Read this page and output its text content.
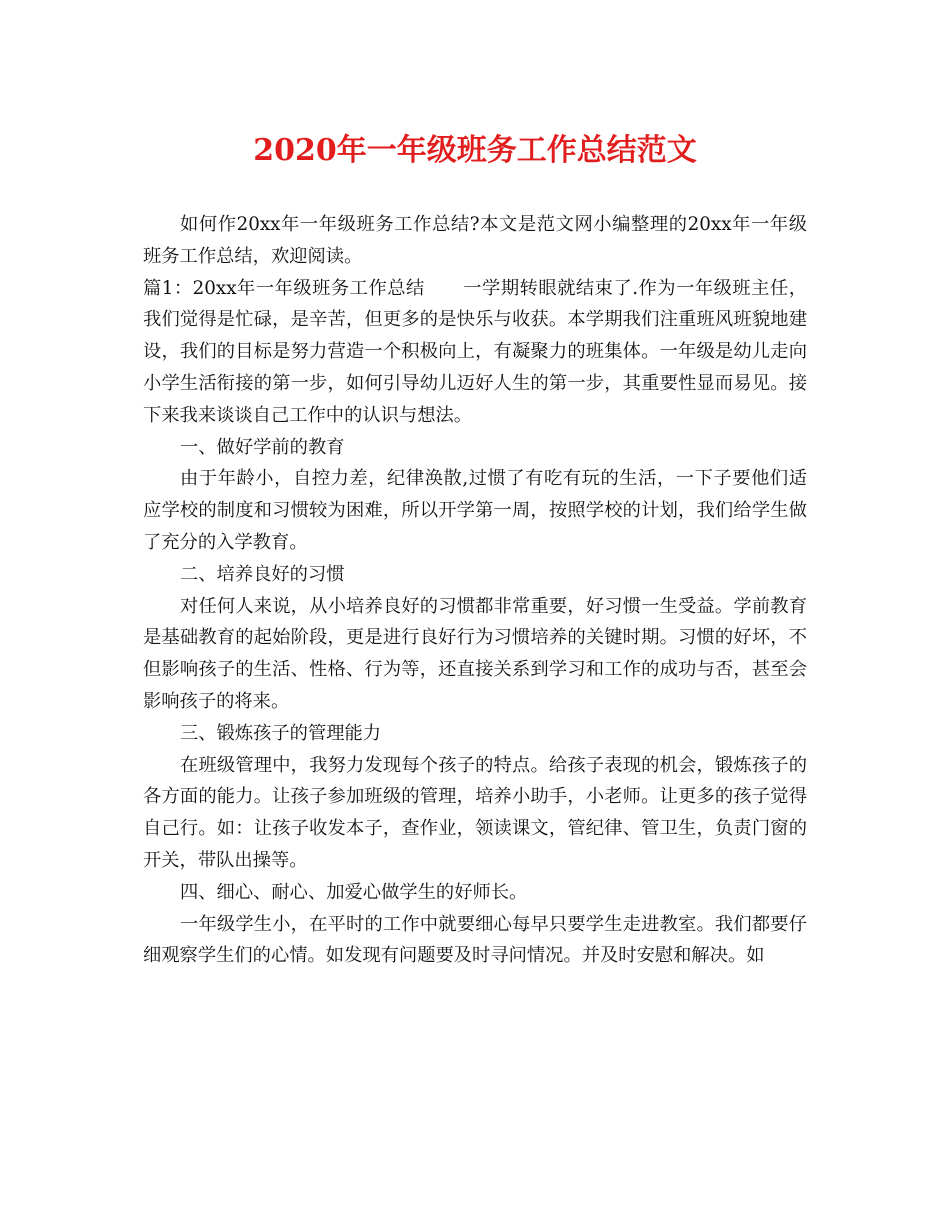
2020年一年级班务工作总结范文

如何作20xx年一年级班务工作总结?本文是范文网小编整理的20xx年一年级班务工作总结，欢迎阅读。

篇1：20xx年一年级班务工作总结 一学期转眼就结束了.作为一年级班主任，我们觉得是忙碌，是辛苦，但更多的是快乐与收获。本学期我们注重班风班貌地建设，我们的目标是努力营造一个积极向上，有凝聚力的班集体。一年级是幼儿走向小学生活衔接的第一步，如何引导幼儿迈好人生的第一步，其重要性显而易见。接下来我来谈谈自己工作中的认识与想法。

一、做好学前的教育

由于年龄小，自控力差，纪律涣散,过惯了有吃有玩的生活，一下子要他们适应学校的制度和习惯较为困难，所以开学第一周，按照学校的计划，我们给学生做了充分的入学教育。

二、培养良好的习惯

对任何人来说，从小培养良好的习惯都非常重要，好习惯一生受益。学前教育是基础教育的起始阶段，更是进行良好行为习惯培养的关键时期。习惯的好坏，不但影响孩子的生活、性格、行为等，还直接关系到学习和工作的成功与否，甚至会影响孩子的将来。

三、锻炼孩子的管理能力

在班级管理中，我努力发现每个孩子的特点。给孩子表现的机会，锻炼孩子的各方面的能力。让孩子参加班级的管理，培养小助手，小老师。让更多的孩子觉得自己行。如：让孩子收发本子，查作业，领读课文，管纪律、管卫生，负责门窗的开关，带队出操等。

四、细心、耐心、加爱心做学生的好师长。

一年级学生小，在平时的工作中就要细心每早只要学生走进教室。我们都要仔细观察学生们的心情。如发现有问题要及时寻问情况。并及时安慰和解决。如
